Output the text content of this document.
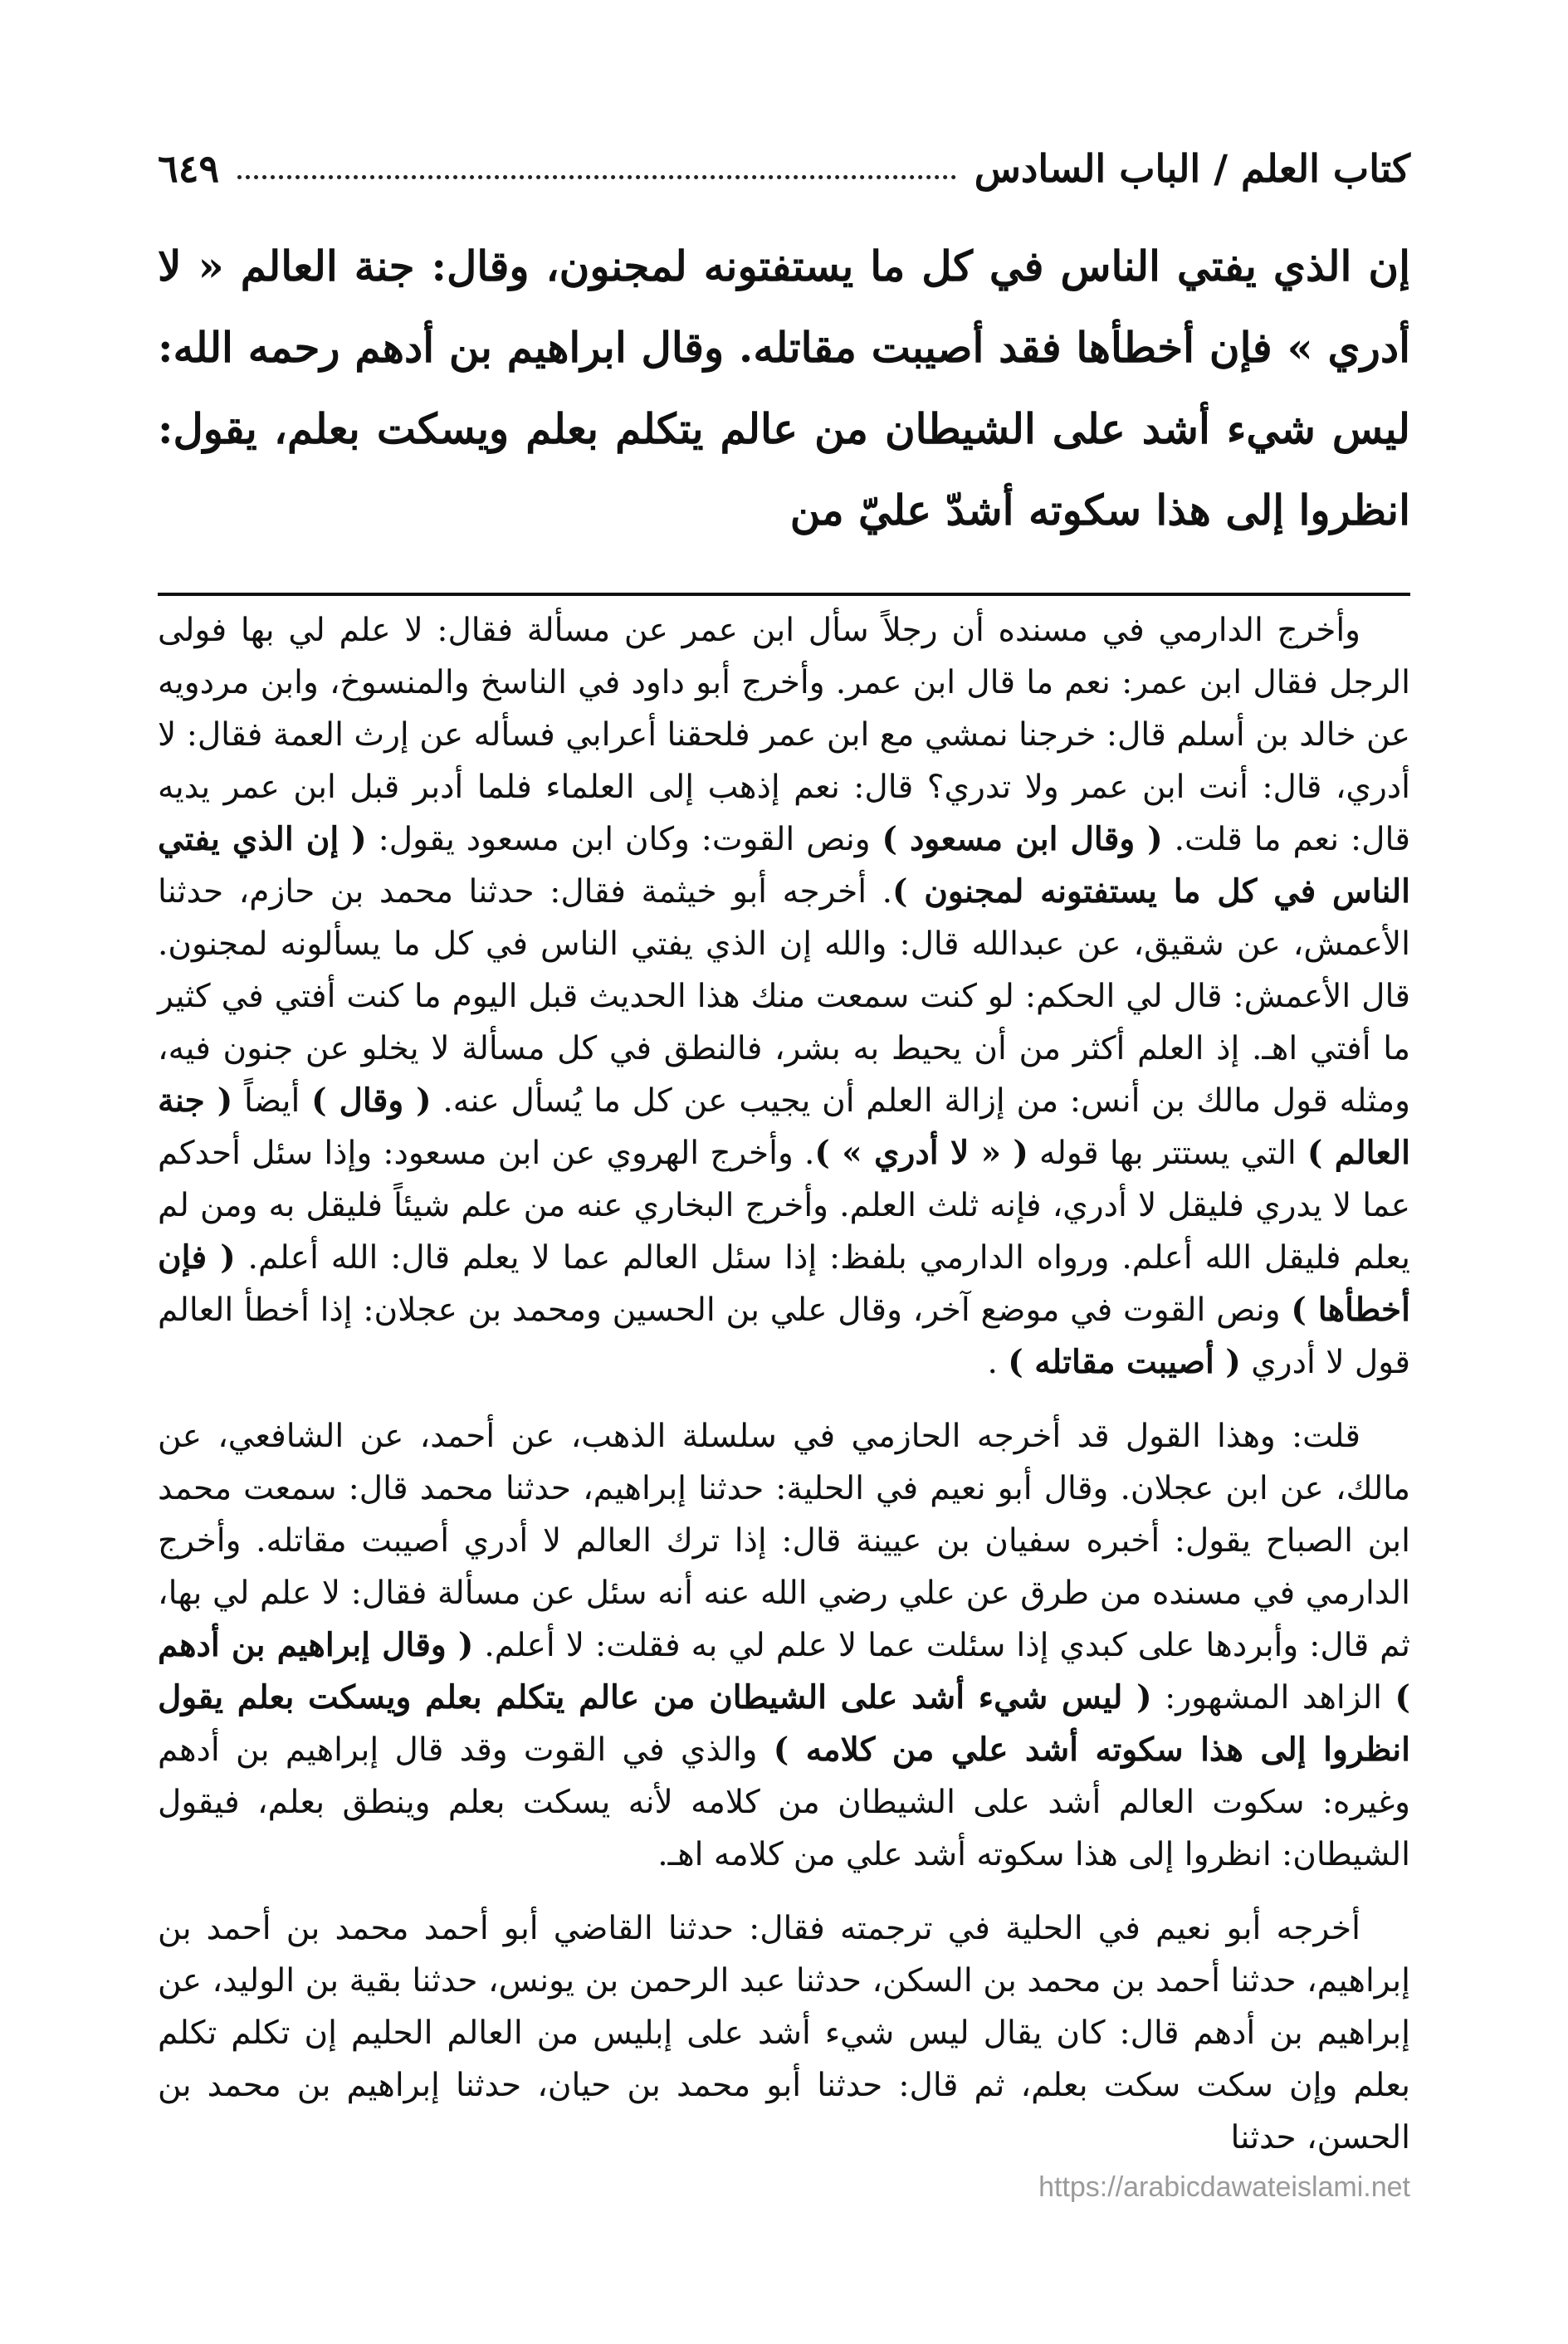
كتاب العلم / الباب السادس
٦٤٩

إن الذي يفتي الناس في كل ما يستفتونه لمجنون، وقال: جنة العالم « لا أدري » فإن أخطأها فقد أصيبت مقاتله. وقال ابراهيم بن أدهم رحمه الله: ليس شيء أشد على الشيطان من عالم يتكلم بعلم ويسكت بعلم، يقول: انظروا إلى هذا سكوته أشدّ عليّ من

وأخرج الدارمي في مسنده أن رجلاً سأل ابن عمر عن مسألة فقال: لا علم لي بها فولى الرجل فقال ابن عمر: نعم ما قال ابن عمر. وأخرج أبو داود في الناسخ والمنسوخ، وابن مردويه عن خالد بن أسلم قال: خرجنا نمشي مع ابن عمر فلحقنا أعرابي فسأله عن إرث العمة فقال: لا أدري، قال: أنت ابن عمر ولا تدري؟ قال: نعم إذهب إلى العلماء فلما أدبر قبل ابن عمر يديه قال: نعم ما قلت. ( وقال ابن مسعود ) ونص القوت: وكان ابن مسعود يقول: ( إن الذي يفتي الناس في كل ما يستفتونه لمجنون ). أخرجه أبو خيثمة فقال: حدثنا محمد بن حازم، حدثنا الأعمش، عن شقيق، عن عبدالله قال: والله إن الذي يفتي الناس في كل ما يسألونه لمجنون. قال الأعمش: قال لي الحكم: لو كنت سمعت منك هذا الحديث قبل اليوم ما كنت أفتي في كثير ما أفتي اهـ. إذ العلم أكثر من أن يحيط به بشر، فالنطق في كل مسألة لا يخلو عن جنون فيه، ومثله قول مالك بن أنس: من إزالة العلم أن يجيب عن كل ما يُسأل عنه. ( وقال ) أيضاً ( جنة العالم ) التي يستتر بها قوله ( « لا أدري » ). وأخرج الهروي عن ابن مسعود: وإذا سئل أحدكم عما لا يدري فليقل لا أدري، فإنه ثلث العلم. وأخرج البخاري عنه من علم شيئاً فليقل به ومن لم يعلم فليقل الله أعلم. ورواه الدارمي بلفظ: إذا سئل العالم عما لا يعلم قال: الله أعلم. ( فإن أخطأها ) ونص القوت في موضع آخر، وقال علي بن الحسين ومحمد بن عجلان: إذا أخطأ العالم قول لا أدري ( أصيبت مقاتله ) .

قلت: وهذا القول قد أخرجه الحازمي في سلسلة الذهب، عن أحمد، عن الشافعي، عن مالك، عن ابن عجلان. وقال أبو نعيم في الحلية: حدثنا إبراهيم، حدثنا محمد قال: سمعت محمد ابن الصباح يقول: أخبره سفيان بن عيينة قال: إذا ترك العالم لا أدري أصيبت مقاتله. وأخرج الدارمي في مسنده من طرق عن علي رضي الله عنه أنه سئل عن مسألة فقال: لا علم لي بها، ثم قال: وأبردها على كبدي إذا سئلت عما لا علم لي به فقلت: لا أعلم. ( وقال إبراهيم بن أدهم ) الزاهد المشهور: ( ليس شيء أشد على الشيطان من عالم يتكلم بعلم ويسكت بعلم يقول انظروا إلى هذا سكوته أشد علي من كلامه ) والذي في القوت وقد قال إبراهيم بن أدهم وغيره: سكوت العالم أشد على الشيطان من كلامه لأنه يسكت بعلم وينطق بعلم، فيقول الشيطان: انظروا إلى هذا سكوته أشد علي من كلامه اهـ.

أخرجه أبو نعيم في الحلية في ترجمته فقال: حدثنا القاضي أبو أحمد محمد بن أحمد بن إبراهيم، حدثنا أحمد بن محمد بن السكن، حدثنا عبد الرحمن بن يونس، حدثنا بقية بن الوليد، عن إبراهيم بن أدهم قال: كان يقال ليس شيء أشد على إبليس من العالم الحليم إن تكلم تكلم بعلم وإن سكت سكت بعلم، ثم قال: حدثنا أبو محمد بن حيان، حدثنا إبراهيم بن محمد بن الحسن، حدثنا

https://arabicdawateislami.net
